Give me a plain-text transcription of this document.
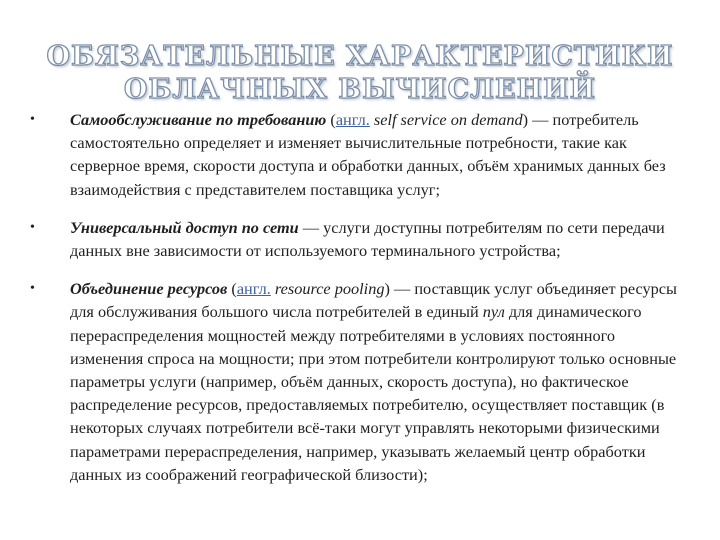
ОБЯЗАТЕЛЬНЫЕ ХАРАКТЕРИСТИКИ
ОБЛАЧНЫХ ВЫЧИСЛЕНИЙ
• Самообслуживание по требованию (англ. self service on demand) — потребитель самостоятельно определяет и изменяет вычислительные потребности, такие как серверное время, скорости доступа и обработки данных, объём хранимых данных без взаимодействия с представителем поставщика услуг;
• Универсальный доступ по сети — услуги доступны потребителям по сети передачи данных вне зависимости от используемого терминального устройства;
• Объединение ресурсов (англ. resource pooling) — поставщик услуг объединяет ресурсы для обслуживания большого числа потребителей в единый пул для динамического перераспределения мощностей между потребителями в условиях постоянного изменения спроса на мощности; при этом потребители контролируют только основные параметры услуги (например, объём данных, скорость доступа), но фактическое распределение ресурсов, предоставляемых потребителю, осуществляет поставщик (в некоторых случаях потребители всё-таки могут управлять некоторыми физическими параметрами перераспределения, например, указывать желаемый центр обработки данных из соображений географической близости);
